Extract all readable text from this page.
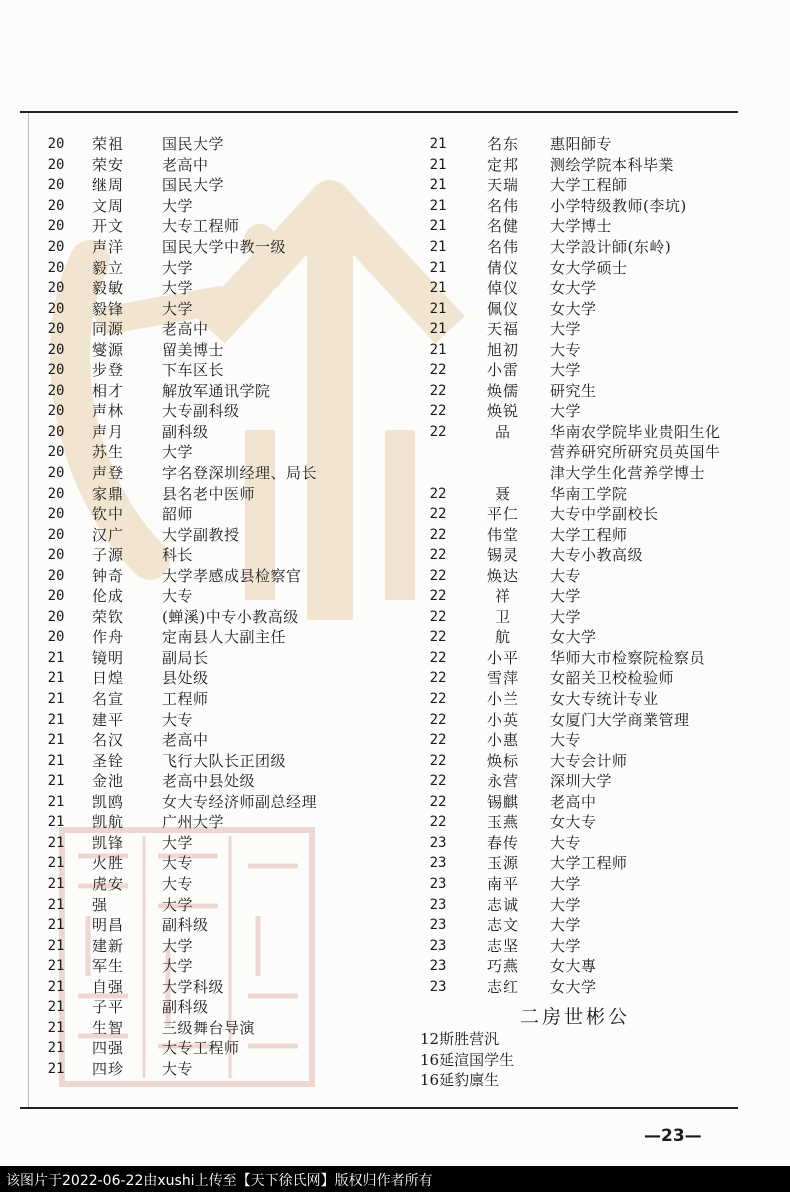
20	荣祖	国民大学
20	荣安	老高中
20	继周	国民大学
20	文周	大学
20	开文	大专工程师
20	声洋	国民大学中教一级
20	毅立	大学
20	毅敏	大学
20	毅锋	大学
20	同源	老高中
20	燮源	留美博士
20	步登	下车区长
20	相才	解放军通讯学院
20	声林	大专副科级
20	声月	副科级
20	苏生	大学
20	声登	字名登深圳经理、局长
20	家鼎	县名老中医师
20	钦中	韶师
20	汉广	大学副教授
20	子源	科长
20	钟奇	大学孝感成县检察官
20	伦成	大专
20	荣钦	(蝉溪)中专小教高级
20	作舟	定南县人大副主任
21	镜明	副局长
21	日煌	县处级
21	名宣	工程师
21	建平	大专
21	名汉	老高中
21	圣铨	飞行大队长正团级
21	金池	老高中县处级
21	凯鸥	女大专经济师副总经理
21	凯航	广州大学
21	凯锋	大学
21	火胜	大专
21	虎安	大专
21	强	大学
21	明昌	副科级
21	建新	大学
21	军生	大学
21	自强	大学科级
21	子平	副科级
21	生智	三级舞台导演
21	四强	大专工程师
21	四珍	大专
21	名东	惠阳師专
21	定邦	测绘学院本科毕業
21	天瑞	大学工程師
21	名伟	小学特级教师(李坑)
21	名健	大学博士
21	名伟	大学設计師(东岭)
21	倩仪	女大学硕士
21	倬仪	女大学
21	佩仪	女大学
21	天福	大学
21	旭初	大专
22	小雷	大学
22	焕儒	研究生
22	焕锐	大学
22	品	华南农学院毕业贵阳生化
营养研究所研究员英国牛
津大学生化营养学博士
22	聂	华南工学院
22	平仁	大专中学副校长
22	伟堂	大学工程师
22	锡灵	大专小教高级
22	焕达	大专
22	祥	大学
22	卫	大学
22	航	女大学
22	小平	华师大市检察院检察员
22	雪萍	女韶关卫校检验师
22	小兰	女大专统计专业
22	小英	女厦门大学商業管理
22	小惠	大专
22	焕标	大专会计师
22	永营	深圳大学
22	锡麒	老高中
22	玉燕	女大专
23	春传	大专
23	玉源	大学工程师
23	南平	大学
23	志诚	大学
23	志文	大学
23	志坚	大学
23	巧燕	女大專
23	志红	女大学
二房世彬公
12 斯胜 营汎
16 延渲 国学生
16 延豹 廪生
—23—
该图片于2022-06-22由xushi上传至【天下徐氏网】版权归作者所有
